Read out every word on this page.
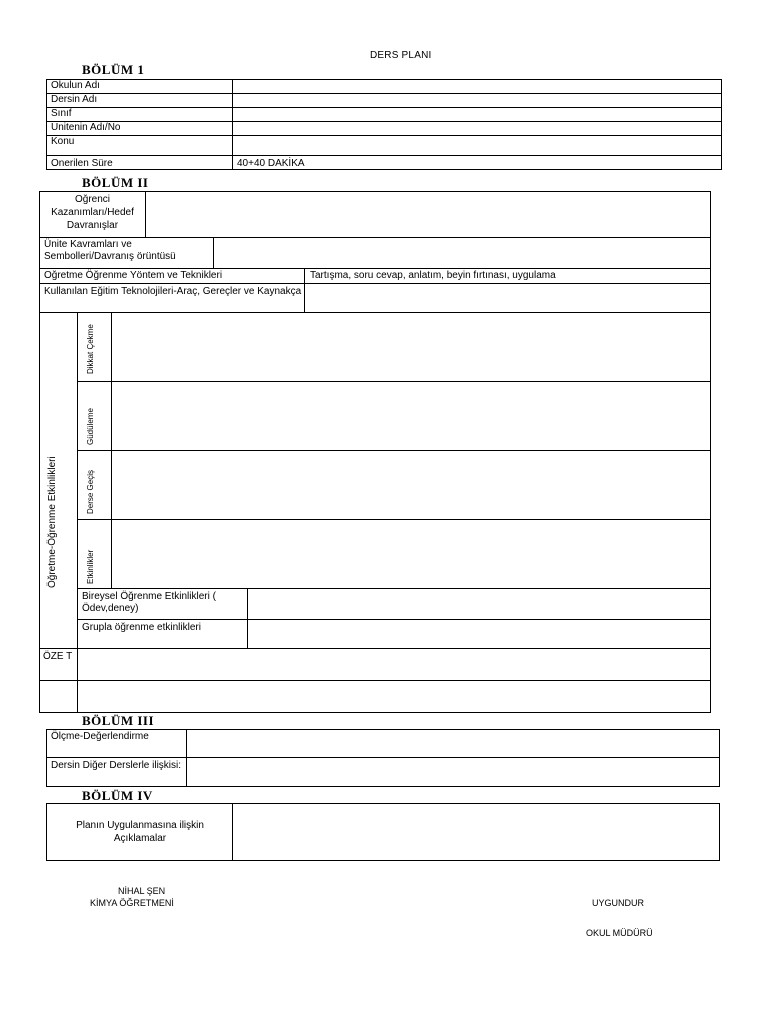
DERS PLANI
BÖLÜM 1
Okulun Adı	
Dersin Adı	
Sınıf	
Unitenin Adı/No	
Konu	
Onerilen Süre	40+40 DAKİKA
BÖLÜM II
Oğrenci Kazanımları/Hedef Davranışlar
Ünite Kavramları ve Sembolleri/Davranış örüntüsü
Oğretme Öğrenme Yöntem ve Teknikleri	Tartışma, soru cevap, anlatım, beyin fırtınası, uygulama
Kullanılan Eğitim Teknolojileri-Araç, Gereçler ve Kaynakça
Öğretme-Öğrenme Etkinlikleri
Dikkat Çekme
Güdüleme
Derse Geçiş
Etkinlikler
Bireysel Öğrenme Etkinlikleri ( Ödev,deney)
Grupla öğrenme etkinlikleri
ÖZE T
BÖLÜM III
Ölçme-Değerlendirme
Dersin Diğer Derslerle ilişkisi:
BÖLÜM IV
Planın Uygulanmasına ilişkin Açıklamalar
NİHAL ŞEN
KİMYA ÖĞRETMENİ	UYGUNDUR
OKUL MÜDÜRÜ
